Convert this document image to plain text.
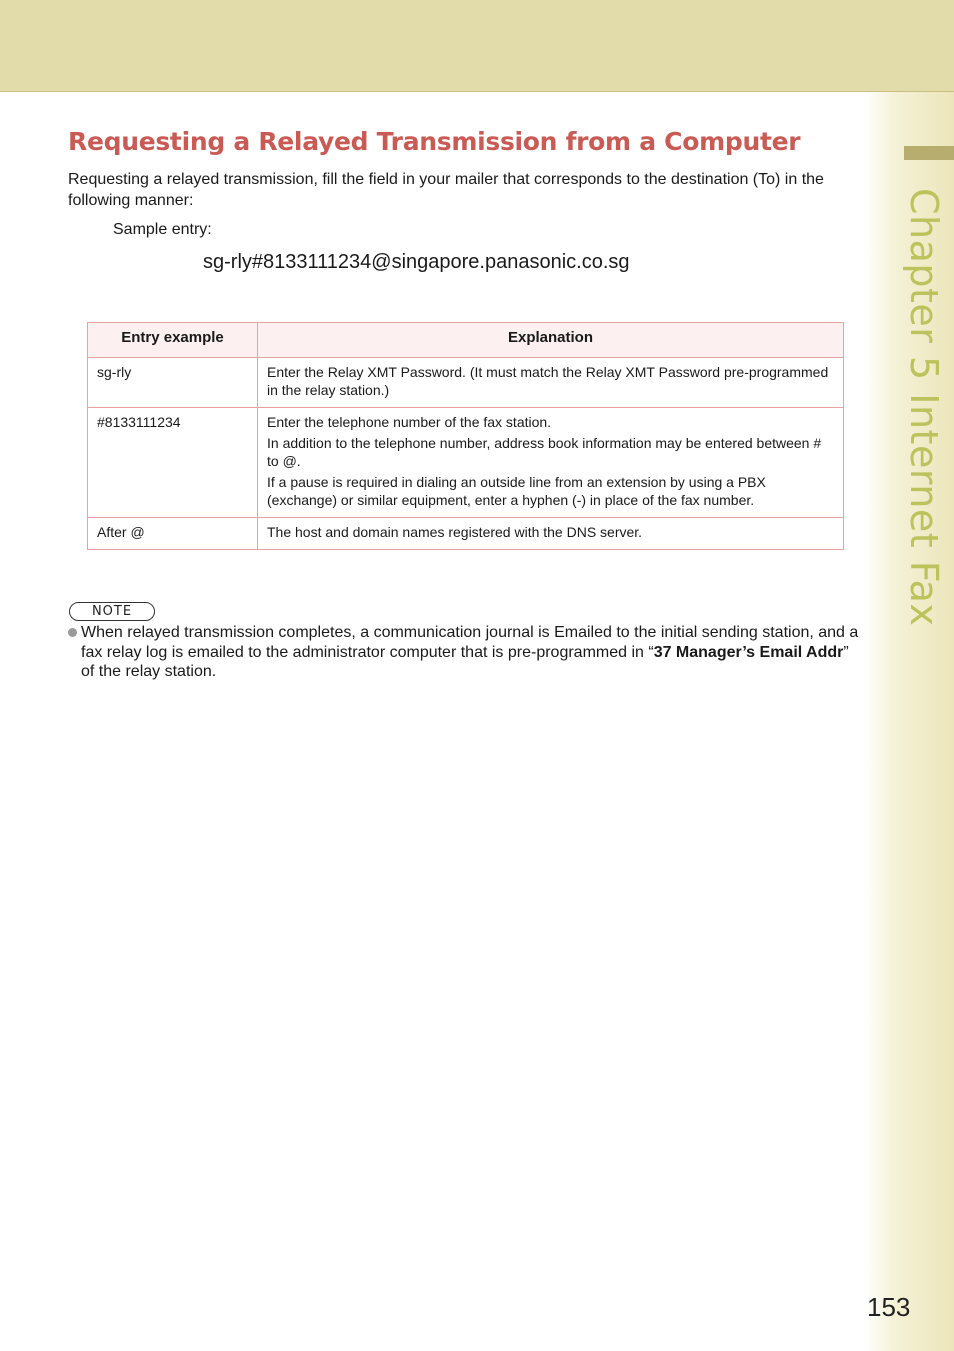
Chapter 5 Internet Fax
Requesting a Relayed Transmission from a Computer

Requesting a relayed transmission, fill the field in your mailer that corresponds to the destination (To) in the following manner:

Sample entry:

sg-rly#8133111234@singapore.panasonic.co.sg

Entry example	Explanation

sg-rly	Enter the Relay XMT Password. (It must match the Relay XMT Password pre-programmed in the relay station.)

#8133111234	Enter the telephone number of the fax station.

In addition to the telephone number, address book information may be entered between # to @.

If a pause is required in dialing an outside line from an extension by using a PBX (exchange) or similar equipment, enter a hyphen (-) in place of the fax number.

After @	The host and domain names registered with the DNS server.

NOTE

When relayed transmission completes, a communication journal is Emailed to the initial sending station, and a fax relay log is emailed to the administrator computer that is pre-programmed in “37 Manager’s Email Addr” of the relay station.

153
